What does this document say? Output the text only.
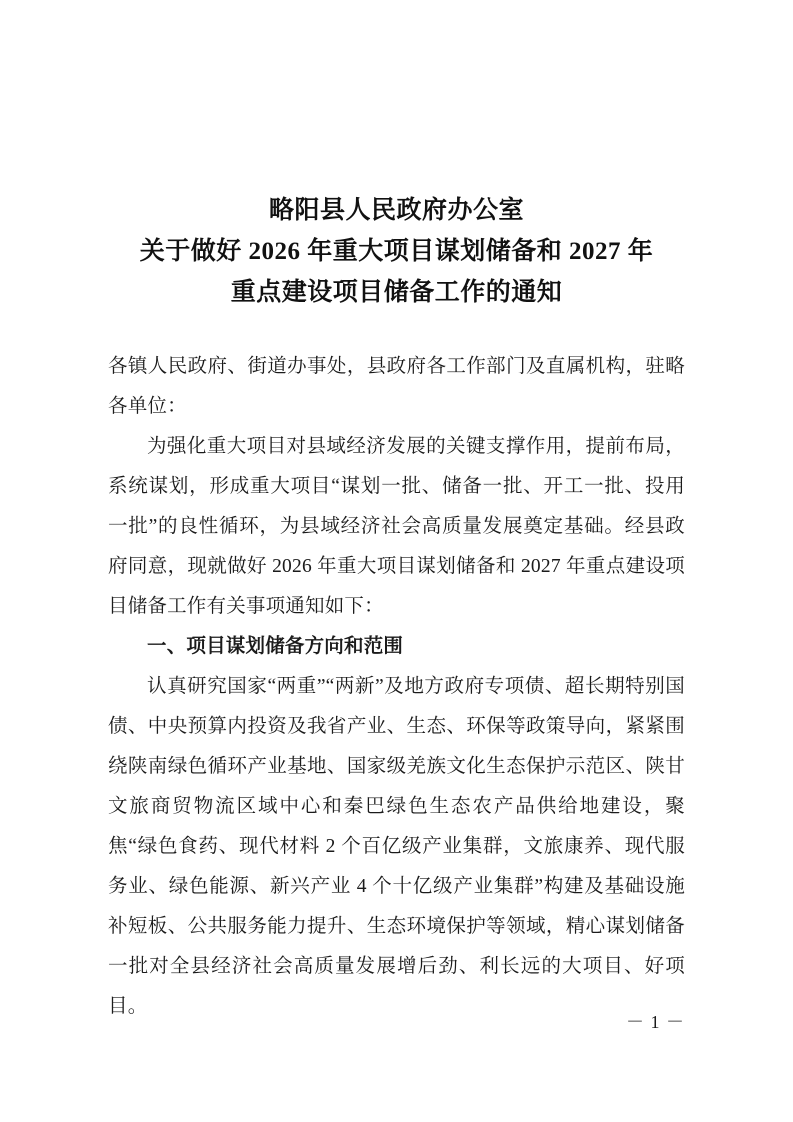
略阳县人民政府办公室
关于做好 2026 年重大项目谋划储备和 2027 年
重点建设项目储备工作的通知

各镇人民政府、街道办事处，县政府各工作部门及直属机构，驻略各单位：

为强化重大项目对县域经济发展的关键支撑作用，提前布局，系统谋划，形成重大项目“谋划一批、储备一批、开工一批、投用一批”的良性循环，为县域经济社会高质量发展奠定基础。经县政府同意，现就做好 2026 年重大项目谋划储备和 2027 年重点建设项目储备工作有关事项通知如下：

一、项目谋划储备方向和范围

认真研究国家“两重”“两新”及地方政府专项债、超长期特别国债、中央预算内投资及我省产业、生态、环保等政策导向，紧紧围绕陕南绿色循环产业基地、国家级羌族文化生态保护示范区、陕甘文旅商贸物流区域中心和秦巴绿色生态农产品供给地建设，聚焦“绿色食药、现代材料 2 个百亿级产业集群，文旅康养、现代服务业、绿色能源、新兴产业 4 个十亿级产业集群”构建及基础设施补短板、公共服务能力提升、生态环境保护等领域，精心谋划储备一批对全县经济社会高质量发展增后劲、利长远的大项目、好项目。

－ 1 －
